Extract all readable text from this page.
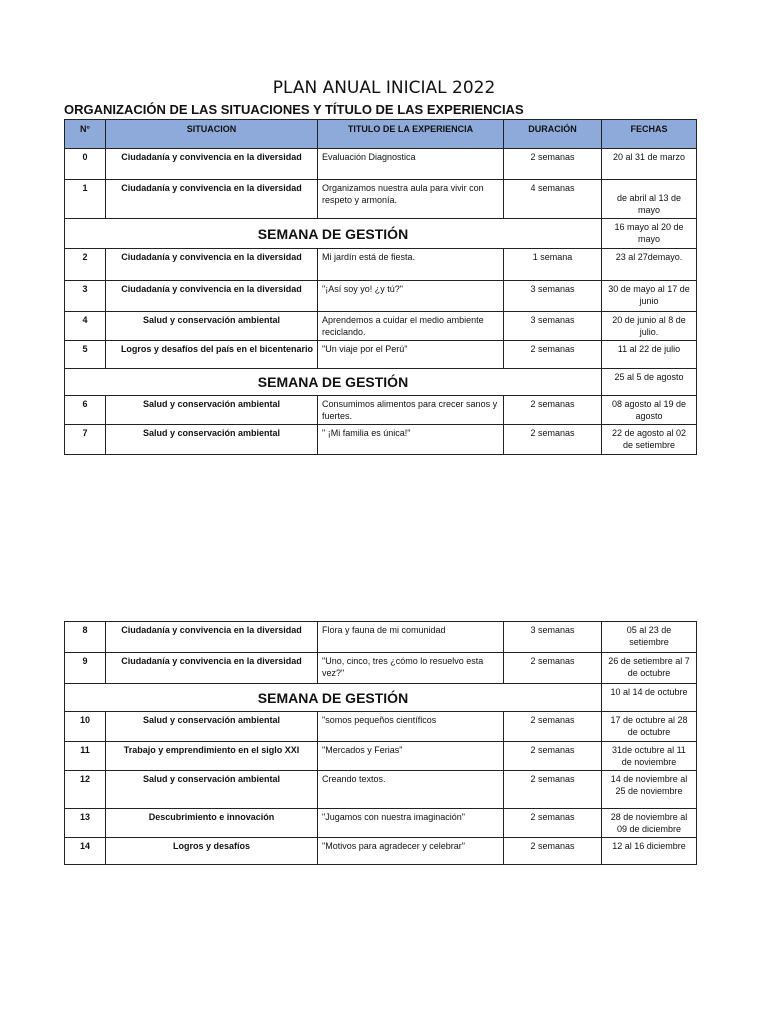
PLAN ANUAL INICIAL 2022
ORGANIZACIÓN DE LAS SITUACIONES Y TÍTULO DE LAS EXPERIENCIAS
N°	SITUACION	TITULO DE LA EXPERIENCIA	DURACIÓN	FECHAS
0	Ciudadanía y convivencia en la diversidad	Evaluación Diagnostica	2 semanas	20 al 31 de marzo
1	Ciudadanía y convivencia en la diversidad	Organizamos nuestra aula para vivir con respeto y armonía.	4 semanas	de abril al 13 de mayo
SEMANA DE GESTIÓN				16 mayo al 20 de mayo
2	Ciudadanía y convivencia en la diversidad	Mi jardín está de fiesta.	1 semana	23 al 27demayo.
3	Ciudadanía y convivencia en la diversidad	"¡Así soy yo! ¿y tú?"	3 semanas	30 de mayo al 17 de junio
4	Salud y conservación ambiental	Aprendemos a cuidar el medio ambiente reciclando.	3 semanas	20 de junio al 8 de julio.
5	Logros y desafíos del país en el bicentenario	"Un viaje por el Perú"	2 semanas	11 al 22 de julio
SEMANA DE GESTIÓN				25 al 5 de agosto
6	Salud y conservación ambiental	Consumimos alimentos para crecer sanos y fuertes.	2 semanas	08 agosto al 19 de agosto
7	Salud y conservación ambiental	" ¡Mi familia es única!"	2 semanas	22 de agosto al 02 de setiembre
8	Ciudadanía y convivencia en la diversidad	Flora y fauna de mi comunidad	3 semanas	05 al 23 de setiembre
9	Ciudadanía y convivencia en la diversidad	"Uno, cinco, tres ¿cómo lo resuelvo esta vez?"	2 semanas	26 de setiembre al 7 de octubre
SEMANA DE GESTIÓN				10 al 14 de octubre
10	Salud y conservación ambiental	"somos pequeños científicos	2 semanas	17 de octubre al 28 de octubre
11	Trabajo y emprendimiento en el siglo XXI	"Mercados y Ferias"	2 semanas	31de octubre al 11 de noviembre
12	Salud y conservación ambiental	Creando textos.	2 semanas	14 de noviembre al 25 de noviembre
13	Descubrimiento e innovación	"Jugamos con nuestra imaginación"	2 semanas	28 de noviembre al 09 de diciembre
14	Logros y desafíos	"Motivos para agradecer y celebrar"	2 semanas	12 al 16 diciembre
